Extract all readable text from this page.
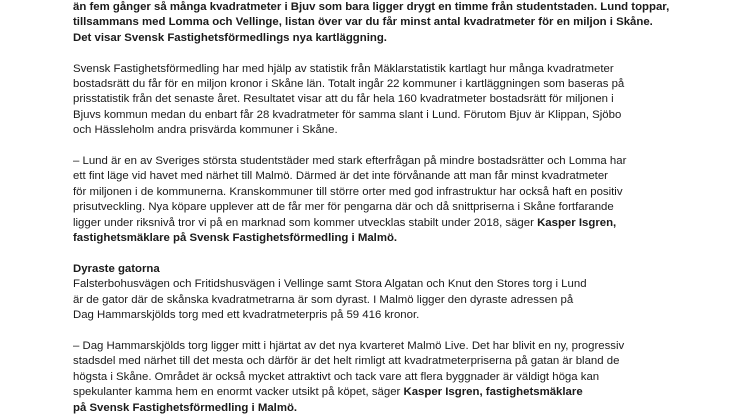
än fem gånger så många kvadratmeter i Bjuv som bara ligger drygt en timme från studentstaden. Lund toppar,

tillsammans med Lomma och Vellinge, listan över var du får minst antal kvadratmeter för en miljon i Skåne.

Det visar Svensk Fastighetsförmedlings nya kartläggning.

Svensk Fastighetsförmedling har med hjälp av statistik från Mäklarstatistik kartlagt hur många kvadratmeter

bostadsrätt du får för en miljon kronor i Skåne län. Totalt ingår 22 kommuner i kartläggningen som baseras på

prisstatistik från det senaste året. Resultatet visar att du får hela 160 kvadratmeter bostadsrätt för miljonen i

Bjuvs kommun medan du enbart får 28 kvadratmeter för samma slant i Lund. Förutom Bjuv är Klippan, Sjöbo

och Hässleholm andra prisvärda kommuner i Skåne.

– Lund är en av Sveriges största studentstäder med stark efterfrågan på mindre bostadsrätter och Lomma har

ett fint läge vid havet med närhet till Malmö. Därmed är det inte förvånande att man får minst kvadratmeter

för miljonen i de kommunerna. Kranskommuner till större orter med god infrastruktur har också haft en positiv

prisutveckling. Nya köpare upplever att de får mer för pengarna där och då snittpriserna i Skåne fortfarande

ligger under riksnivå tror vi på en marknad som kommer utvecklas stabilt under 2018, säger Kasper Isgren,

fastighetsmäklare på Svensk Fastighetsförmedling i Malmö.

Dyraste gatorna

Falsterbohusvägen och Fritidshusvägen i Vellinge samt Stora Algatan och Knut den Stores torg i Lund

är de gator där de skånska kvadratmetrarna är som dyrast. I Malmö ligger den dyraste adressen på

Dag Hammarskjölds torg med ett kvadratmeterpris på 59 416 kronor.

– Dag Hammarskjölds torg ligger mitt i hjärtat av det nya kvarteret Malmö Live. Det har blivit en ny, progressiv

stadsdel med närhet till det mesta och därför är det helt rimligt att kvadratmeterpriserna på gatan är bland de

högsta i Skåne. Området är också mycket attraktivt och tack vare att flera byggnader är väldigt höga kan

spekulanter kamma hem en enormt vacker utsikt på köpet, säger Kasper Isgren, fastighetsmäklare

på Svensk Fastighetsförmedling i Malmö.
